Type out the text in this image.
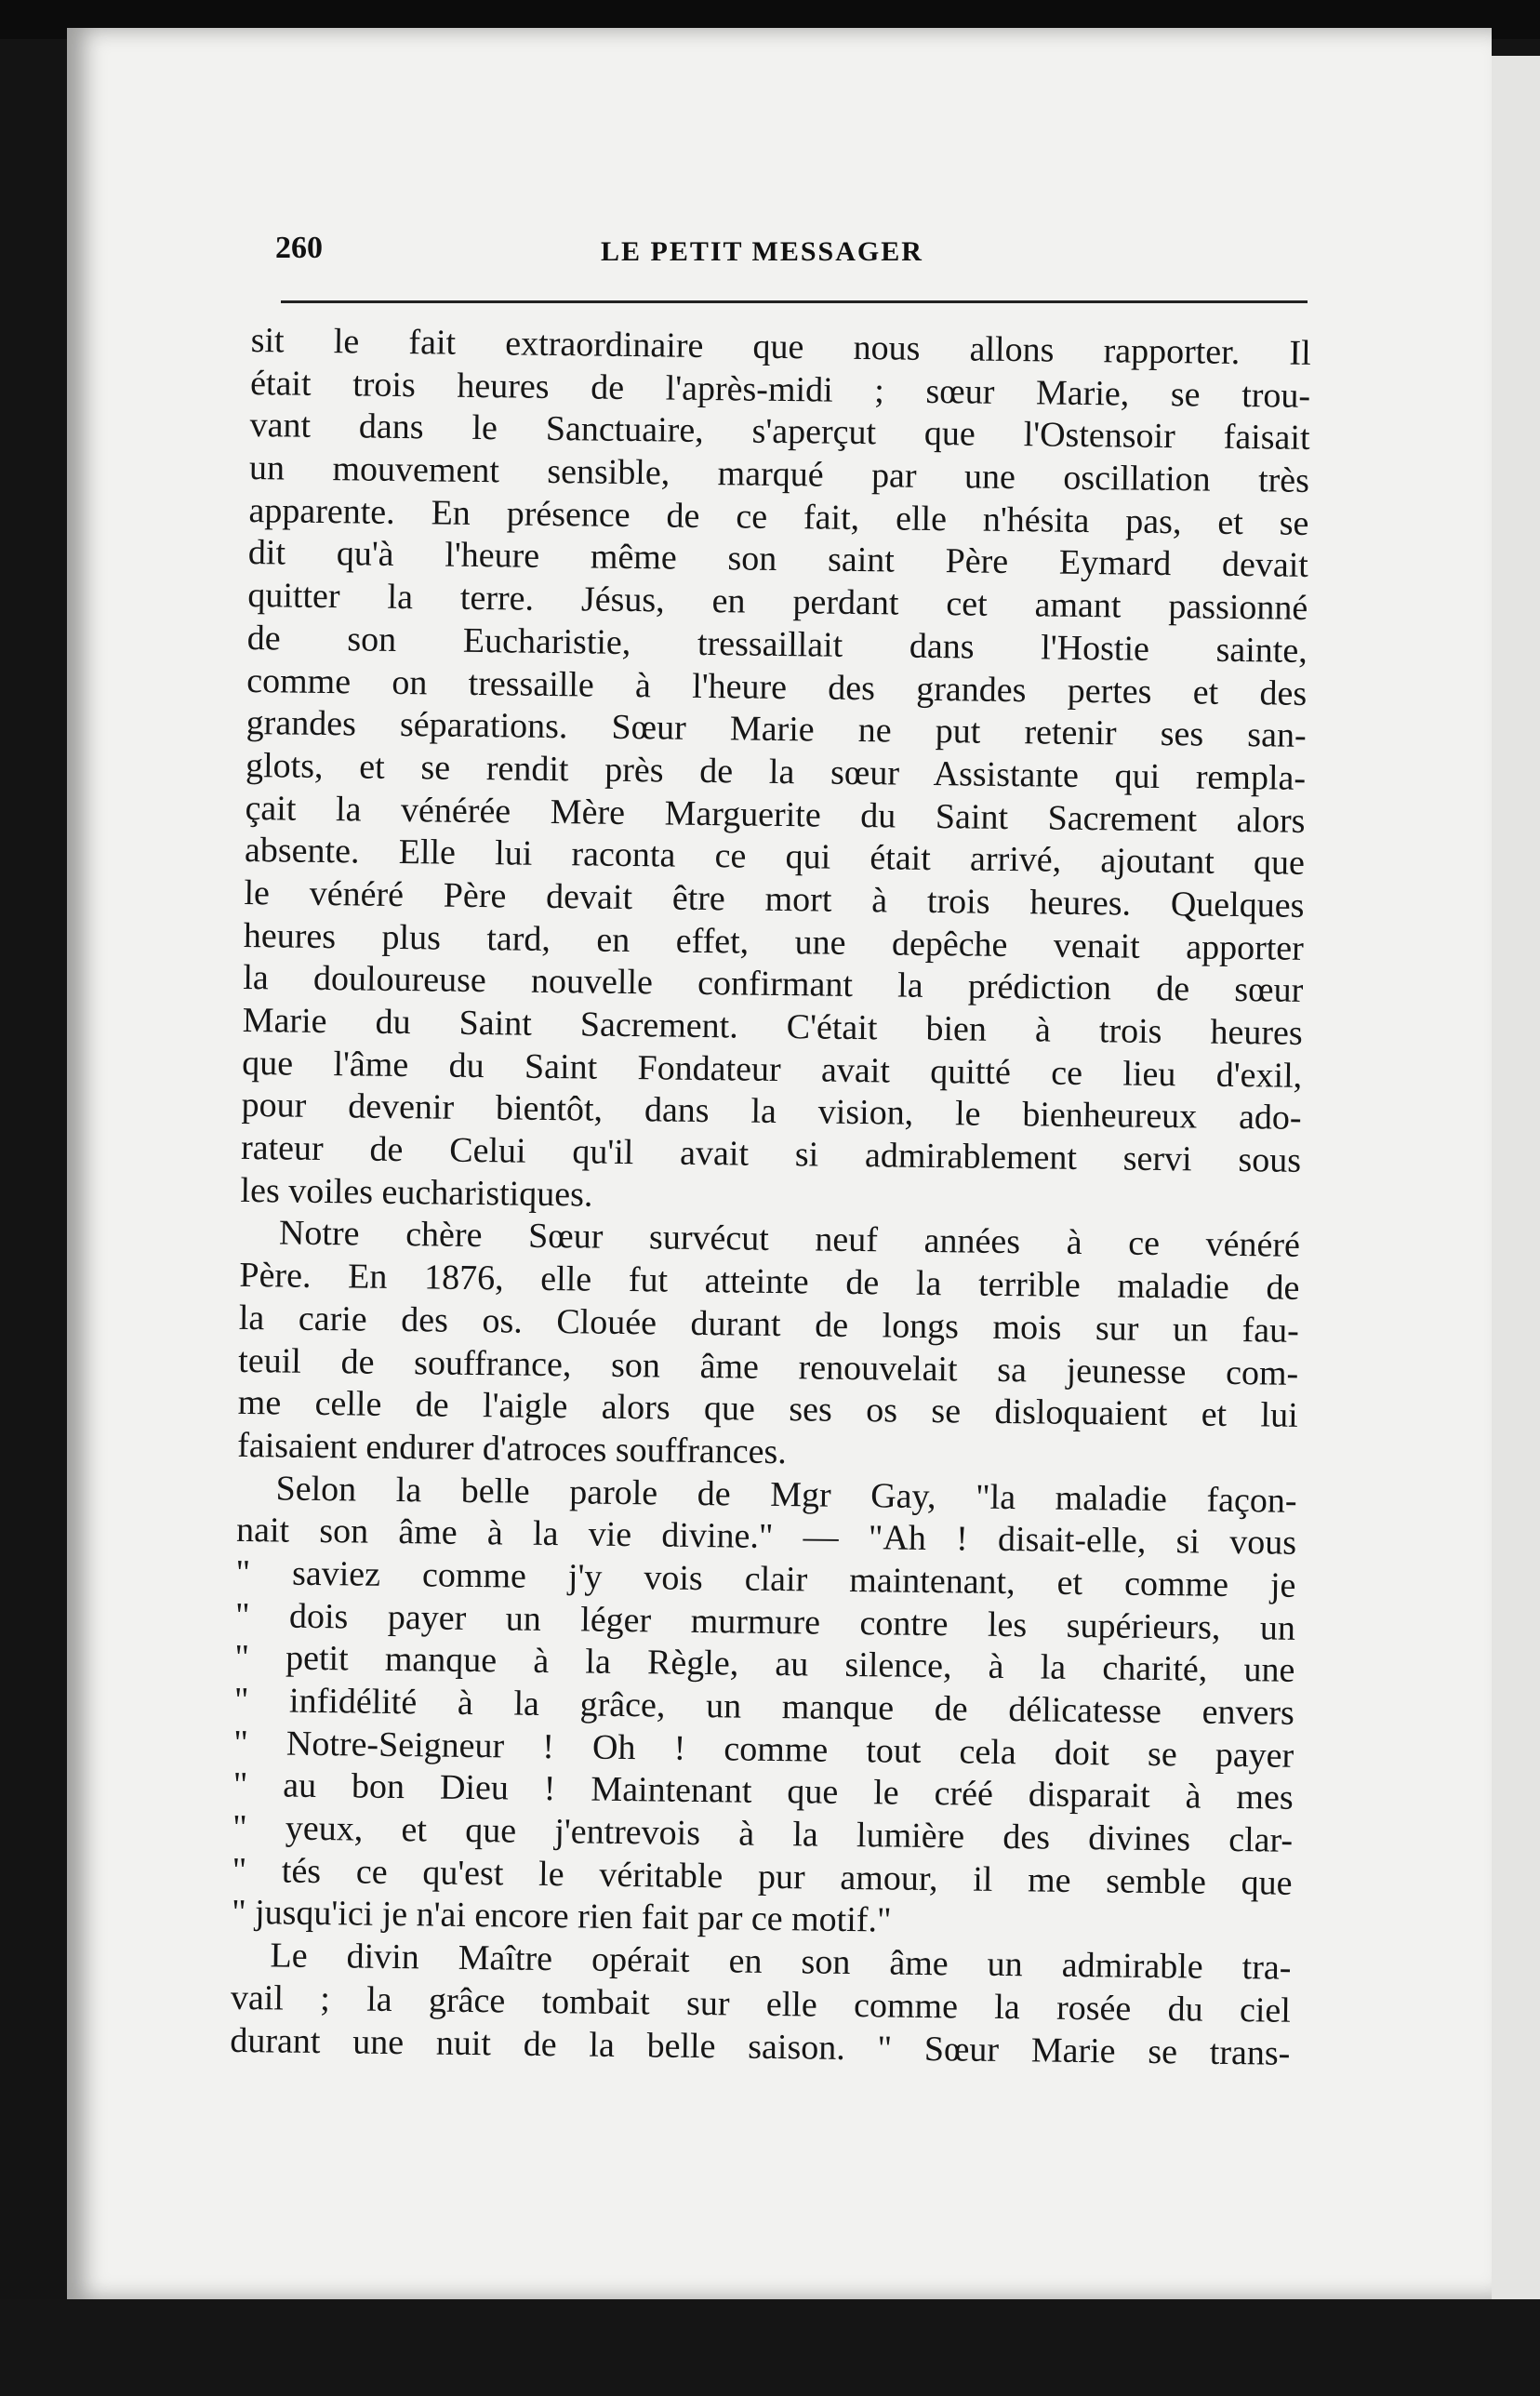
260	LE PETIT MESSAGER
sit le fait extraordinaire que nous allons rapporter. Il
était trois heures de l'après-midi ; sœur Marie, se trou-
vant dans le Sanctuaire, s'aperçut que l'Ostensoir faisait
un mouvement sensible, marqué par une oscillation très
apparente. En présence de ce fait, elle n'hésita pas, et se
dit qu'à l'heure même son saint Père Eymard devait
quitter la terre. Jésus, en perdant cet amant passionné
de son Eucharistie, tressaillait dans l'Hostie sainte,
comme on tressaille à l'heure des grandes pertes et des
grandes séparations. Sœur Marie ne put retenir ses san-
glots, et se rendit près de la sœur Assistante qui rempla-
çait la vénérée Mère Marguerite du Saint Sacrement alors
absente. Elle lui raconta ce qui était arrivé, ajoutant que
le vénéré Père devait être mort à trois heures. Quelques
heures plus tard, en effet, une depêche venait apporter
la douloureuse nouvelle confirmant la prédiction de sœur
Marie du Saint Sacrement. C'était bien à trois heures
que l'âme du Saint Fondateur avait quitté ce lieu d'exil,
pour devenir bientôt, dans la vision, le bienheureux ado-
rateur de Celui qu'il avait si admirablement servi sous
les voiles eucharistiques.
Notre chère Sœur survécut neuf années à ce vénéré
Père. En 1876, elle fut atteinte de la terrible maladie de
la carie des os. Clouée durant de longs mois sur un fau-
teuil de souffrance, son âme renouvelait sa jeunesse com-
me celle de l'aigle alors que ses os se disloquaient et lui
faisaient endurer d'atroces souffrances.
Selon la belle parole de Mgr Gay, "la maladie façon-
nait son âme à la vie divine." — "Ah ! disait-elle, si vous
" saviez comme j'y vois clair maintenant, et comme je
" dois payer un léger murmure contre les supérieurs, un
" petit manque à la Règle, au silence, à la charité, une
" infidélité à la grâce, un manque de délicatesse envers
" Notre-Seigneur ! Oh ! comme tout cela doit se payer
" au bon Dieu ! Maintenant que le créé disparait à mes
" yeux, et que j'entrevois à la lumière des divines clar-
" tés ce qu'est le véritable pur amour, il me semble que
" jusqu'ici je n'ai encore rien fait par ce motif."
Le divin Maître opérait en son âme un admirable tra-
vail ; la grâce tombait sur elle comme la rosée du ciel
durant une nuit de la belle saison. " Sœur Marie se trans-
